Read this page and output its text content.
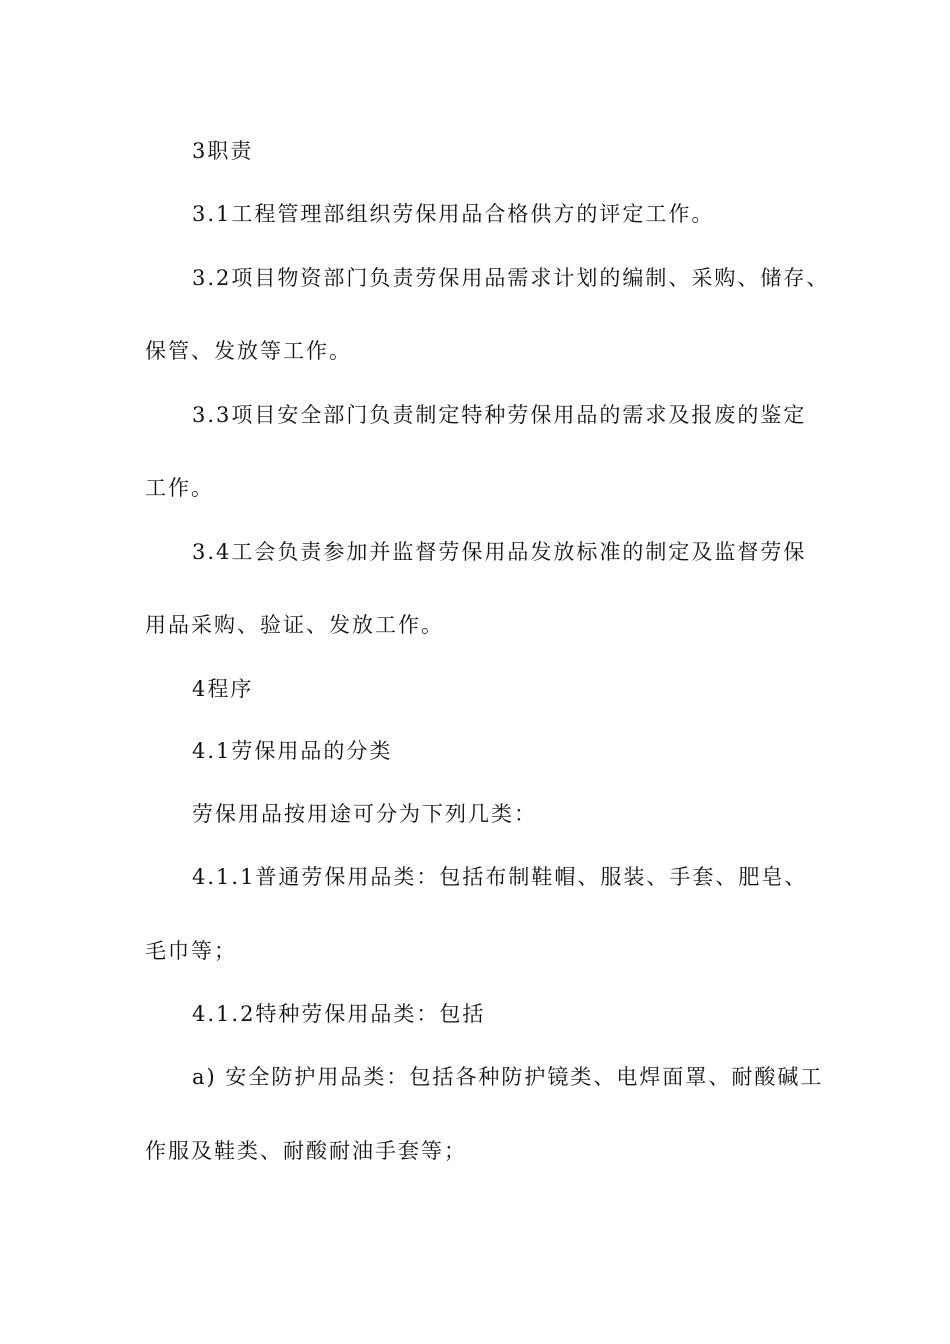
3职责
3.1工程管理部组织劳保用品合格供方的评定工作。
3.2项目物资部门负责劳保用品需求计划的编制、采购、储存、
保管、发放等工作。
3.3项目安全部门负责制定特种劳保用品的需求及报废的鉴定
工作。
3.4工会负责参加并监督劳保用品发放标准的制定及监督劳保
用品采购、验证、发放工作。
4程序
4.1劳保用品的分类
劳保用品按用途可分为下列几类：
4.1.1普通劳保用品类：包括布制鞋帽、服装、手套、肥皂、
毛巾等；
4.1.2特种劳保用品类：包括
a) 安全防护用品类：包括各种防护镜类、电焊面罩、耐酸碱工
作服及鞋类、耐酸耐油手套等；
